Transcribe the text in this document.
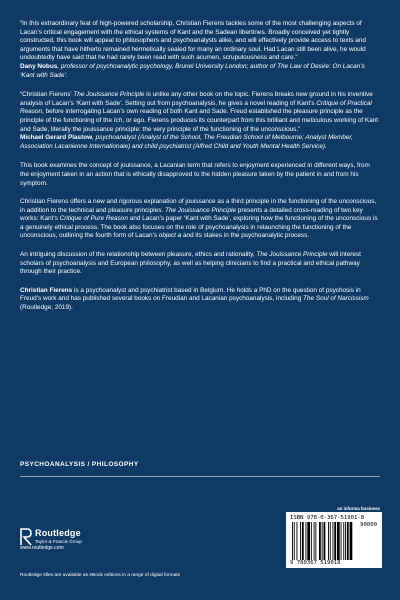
“In this extraordinary feat of high-powered scholarship, Christian Fierens tackles some of the most challenging aspects of Lacan’s critical engagement with the ethical systems of Kant and the Sadean libertines. Broadly conceived yet tightly constructed, this book will appeal to philosophers and psychoanalysts alike, and will effectively provide access to texts and arguments that have hitherto remained hermetically sealed for many an ordinary soul. Had Lacan still been alive, he would undoubtedly have said that he had rarely been read with such acumen, scrupulousness and care.”

Dany Nobus, professor of psychoanalytic psychology, Brunel University London; author of The Law of Desire: On Lacan’s ‘Kant with Sade’.

“Christian Fierens’ The Jouissance Principle is unlike any other book on the topic. Fierens breaks new ground in his inventive analysis of Lacan’s ‘Kant with Sade’. Setting out from psychoanalysis, he gives a novel reading of Kant’s Critique of Practical Reason, before interrogating Lacan’s own reading of both Kant and Sade. Freud established the pleasure principle as the principle of the functioning of the Ich, or ego. Fierens produces its counterpart from this brilliant and meticulous working of Kant and Sade, literally the jouissance principle: the very principle of the functioning of the unconscious.”

Michael Gerard Plastow, psychoanalyst (Analyst of the School, The Freudian School of Melbourne; Analyst Member, Association Lacanienne Internationale) and child psychiatrist (Alfred Child and Youth Mental Health Service).

This book examines the concept of jouissance, a Lacanian term that refers to enjoyment experienced in different ways, from the enjoyment taken in an action that is ethically disapproved to the hidden pleasure taken by the patient in and from his symptom.

Christian Fierens offers a new and rigorous explanation of jouissance as a third principle in the functioning of the unconscious, in addition to the technical and pleasure principles. The Jouissance Principle presents a detailed cross-reading of two key works: Kant’s Critique of Pure Reason and Lacan’s paper ‘Kant with Sade’, exploring how the functioning of the unconscious is a genuinely ethical process. The book also focuses on the role of psychoanalysis in relaunching the functioning of the unconscious, outlining the fourth form of Lacan’s object a and its stakes in the psychoanalytic process.

An intriguing discussion of the relationship between pleasure, ethics and rationality, The Jouissance Principle will interest scholars of psychoanalysis and European philosophy, as well as helping clinicians to find a practical and ethical pathway through their practice.

Christian Fierens is a psychoanalyst and psychiatrist based in Belgium. He holds a PhD on the question of psychosis in Freud’s work and has published several books on Freudian and Lacanian psychoanalysis, including The Soul of Narcissism (Routledge, 2019).

PSYCHOANALYSIS / PHILOSOPHY
an informa business
Routledge
Taylor & Francis Group
www.routledge.com
Routledge titles are available as eBook editions in a range of digital formats
ISBN 978-0-367-51901-8
90000
9 780367 519018
